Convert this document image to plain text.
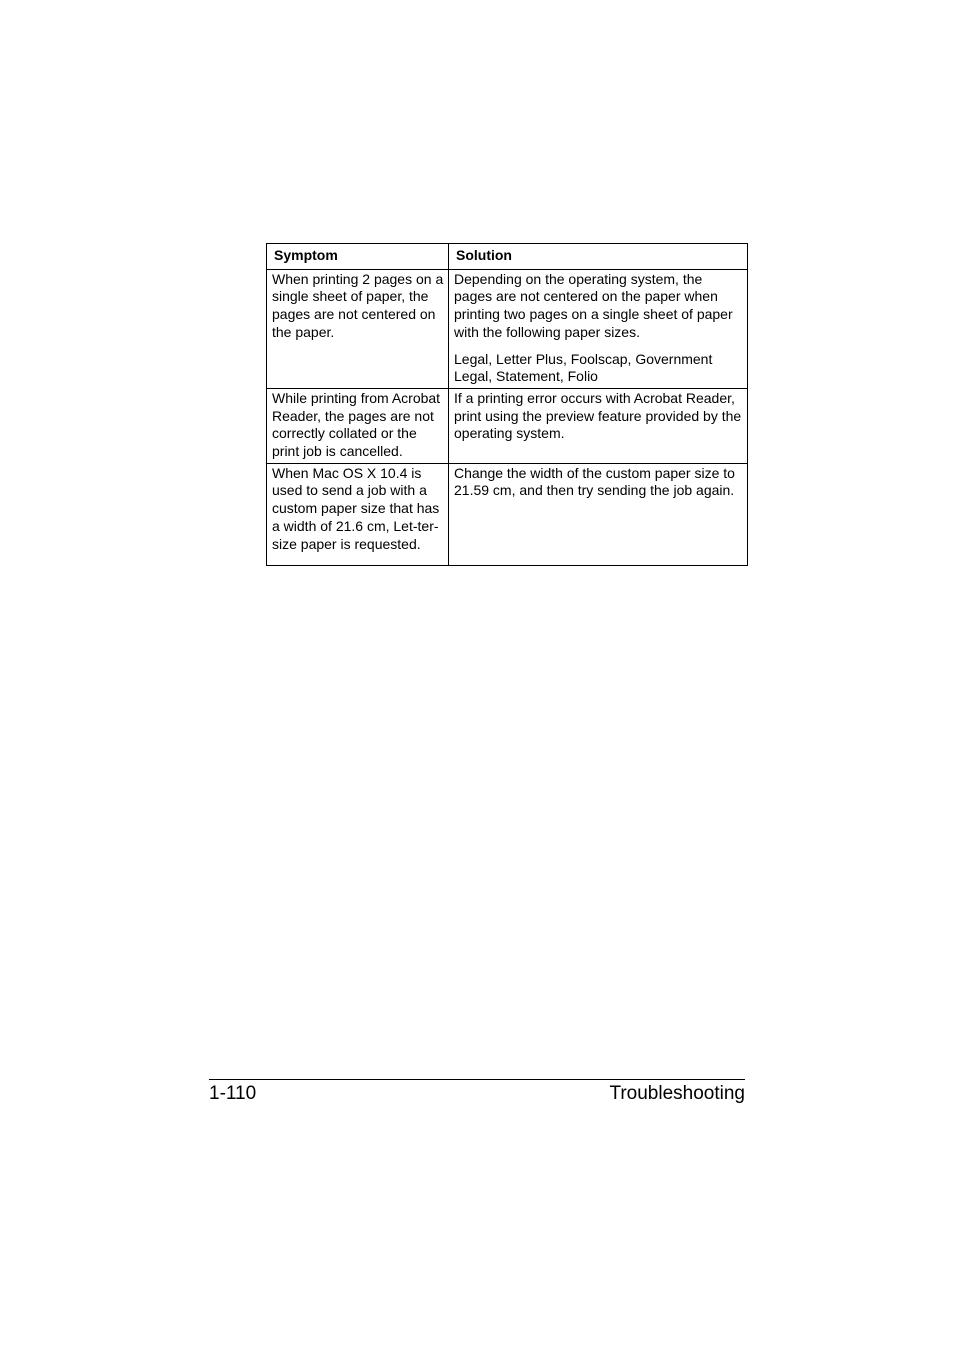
Symptom	Solution

When printing 2 pages on a single sheet of paper, the pages are not centered on the paper.	Depending on the operating system, the pages are not centered on the paper when printing two pages on a single sheet of paper with the following paper sizes.

Legal, Letter Plus, Foolscap, Government Legal, Statement, Folio

While printing from Acrobat Reader, the pages are not correctly collated or the print job is cancelled.	If a printing error occurs with Acrobat Reader, print using the preview feature provided by the operating system.

When Mac OS X 10.4 is used to send a job with a custom paper size that has a width of 21.6 cm, Let-ter-size paper is requested.	Change the width of the custom paper size to 21.59 cm, and then try sending the job again.

1-110	Troubleshooting
